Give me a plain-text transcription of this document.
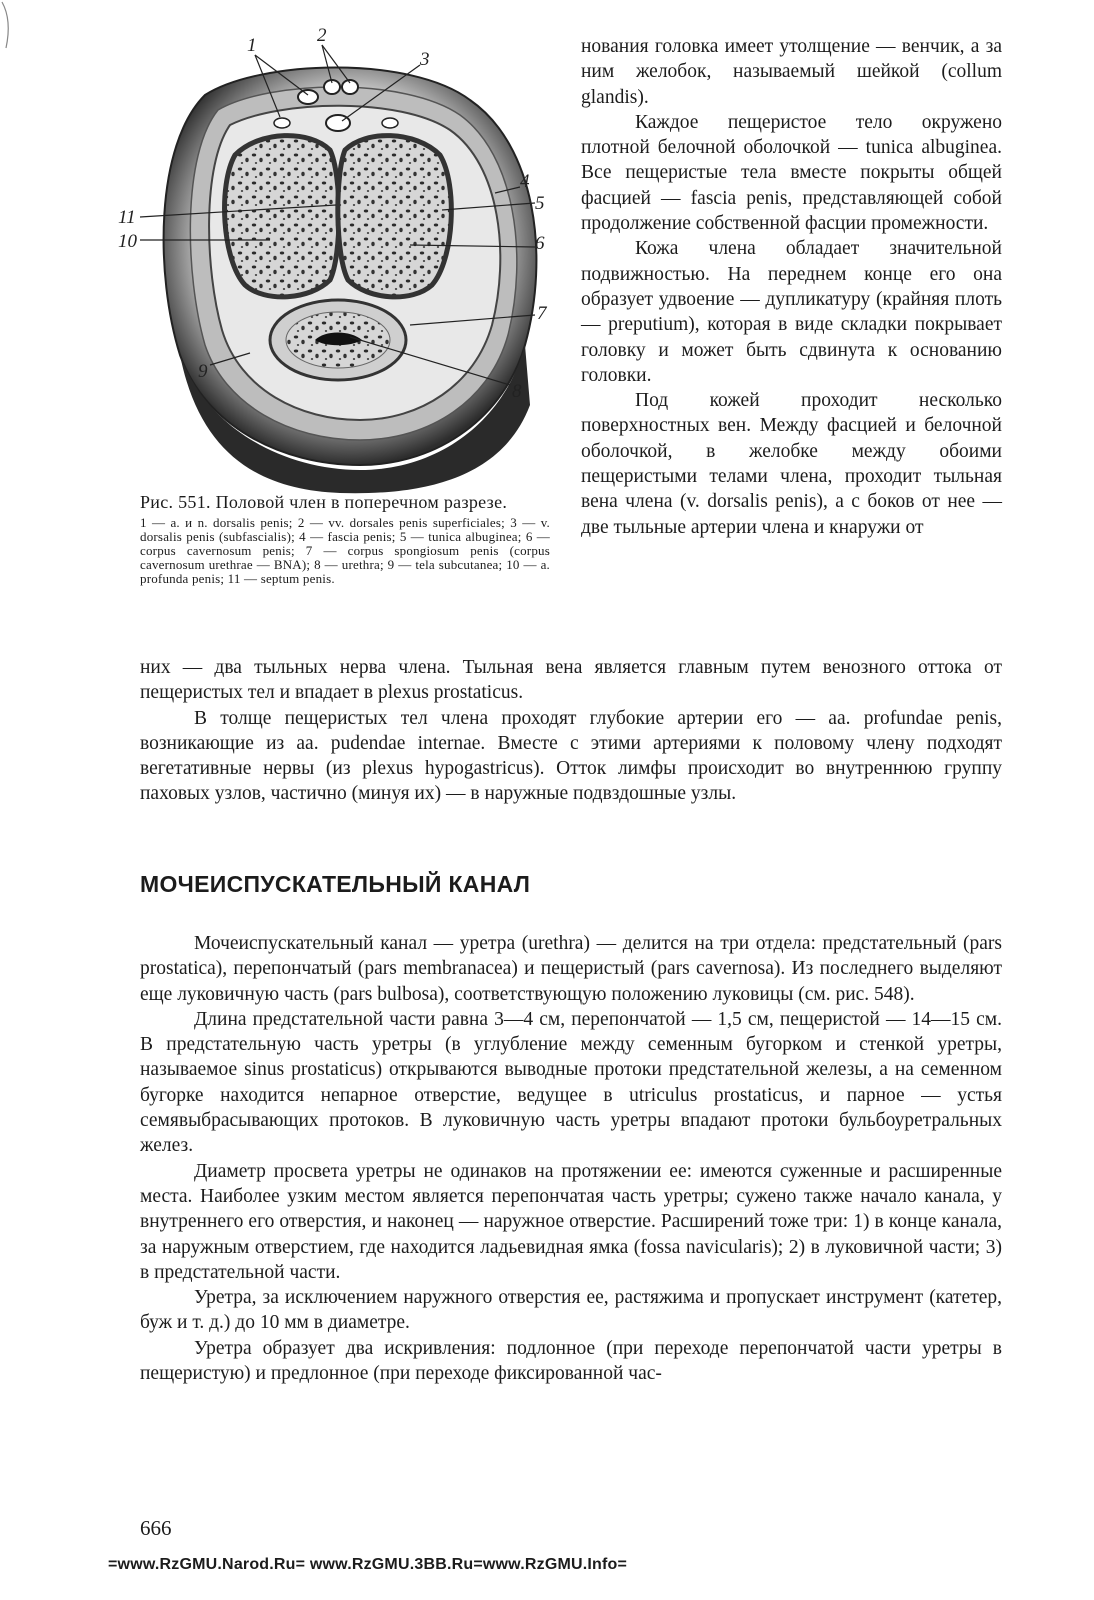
1	2
3
4
5
6
7
8
9
10
11
Рис. 551. Половой член в поперечном разрезе.
1 — a. и n. dorsalis penis; 2 — vv. dorsales penis superficiales; 3 — v. dorsalis penis (subfascialis); 4 — fascia penis; 5 — tunica albuginea; 6 — corpus cavernosum penis; 7 — corpus spongiosum penis (corpus cavernosum urethrae — BNA); 8 — urethra; 9 — tela subcutanea; 10 — a. profunda penis; 11 — septum penis.

нования головка имеет утолщение — венчик, а за ним желобок, называемый шейкой (collum glandis).

Каждое пещеристое тело окружено плотной белочной оболочкой — tunica albuginea. Все пещеристые тела вместе покрыты общей фасцией — fascia penis, представляющей собой продолжение собственной фасции промежности.

Кожа члена обладает значительной подвижностью. На переднем конце его она образует удвоение — дупликатуру (крайняя плоть — preputium), которая в виде складки покрывает головку и может быть сдвинута к основанию головки.

Под кожей проходит несколько поверхностных вен. Между фасцией и белочной оболочкой, в желобке между обоими пещеристыми телами члена, проходит тыльная вена члена (v. dorsalis penis), а с боков от нее — две тыльные артерии члена и кнаружи от

них — два тыльных нерва члена. Тыльная вена является главным путем венозного оттока от пещеристых тел и впадает в plexus prostaticus.

В толще пещеристых тел члена проходят глубокие артерии его — aa. profundae penis, возникающие из aa. pudendae internae. Вместе с этими артериями к половому члену подходят вегетативные нервы (из plexus hypogastricus). Отток лимфы происходит во внутреннюю группу паховых узлов, частично (минуя их) — в наружные подвздошные узлы.

МОЧЕИСПУСКАТЕЛЬНЫЙ КАНАЛ

Мочеиспускательный канал — уретра (urethra) — делится на три отдела: предстательный (pars prostatica), перепончатый (pars membranacea) и пещеристый (pars cavernosa). Из последнего выделяют еще луковичную часть (pars bulbosa), соответствующую положению луковицы (см. рис. 548).

Длина предстательной части равна 3—4 см, перепончатой — 1,5 см, пещеристой — 14—15 см. В предстательную часть уретры (в углубление между семенным бугорком и стенкой уретры, называемое sinus prostaticus) открываются выводные протоки предстательной железы, а на семенном бугорке находится непарное отверстие, ведущее в utriculus prostaticus, и парное — устья семявыбрасывающих протоков. В луковичную часть уретры впадают протоки бульбоуретральных желез.

Диаметр просвета уретры не одинаков на протяжении ее: имеются суженные и расширенные места. Наиболее узким местом является перепончатая часть уретры; сужено также начало канала, у внутреннего его отверстия, и наконец — наружное отверстие. Расширений тоже три: 1) в конце канала, за наружным отверстием, где находится ладьевидная ямка (fossa navicularis); 2) в луковичной части; 3) в предстательной части.

Уретра, за исключением наружного отверстия ее, растяжима и пропускает инструмент (катетер, буж и т. д.) до 10 мм в диаметре.

Уретра образует два искривления: подлонное (при переходе перепончатой части уретры в пещеристую) и предлонное (при переходе фиксированной час-

666
=www.RzGMU.Narod.Ru= www.RzGMU.3BB.Ru=www.RzGMU.Info=
